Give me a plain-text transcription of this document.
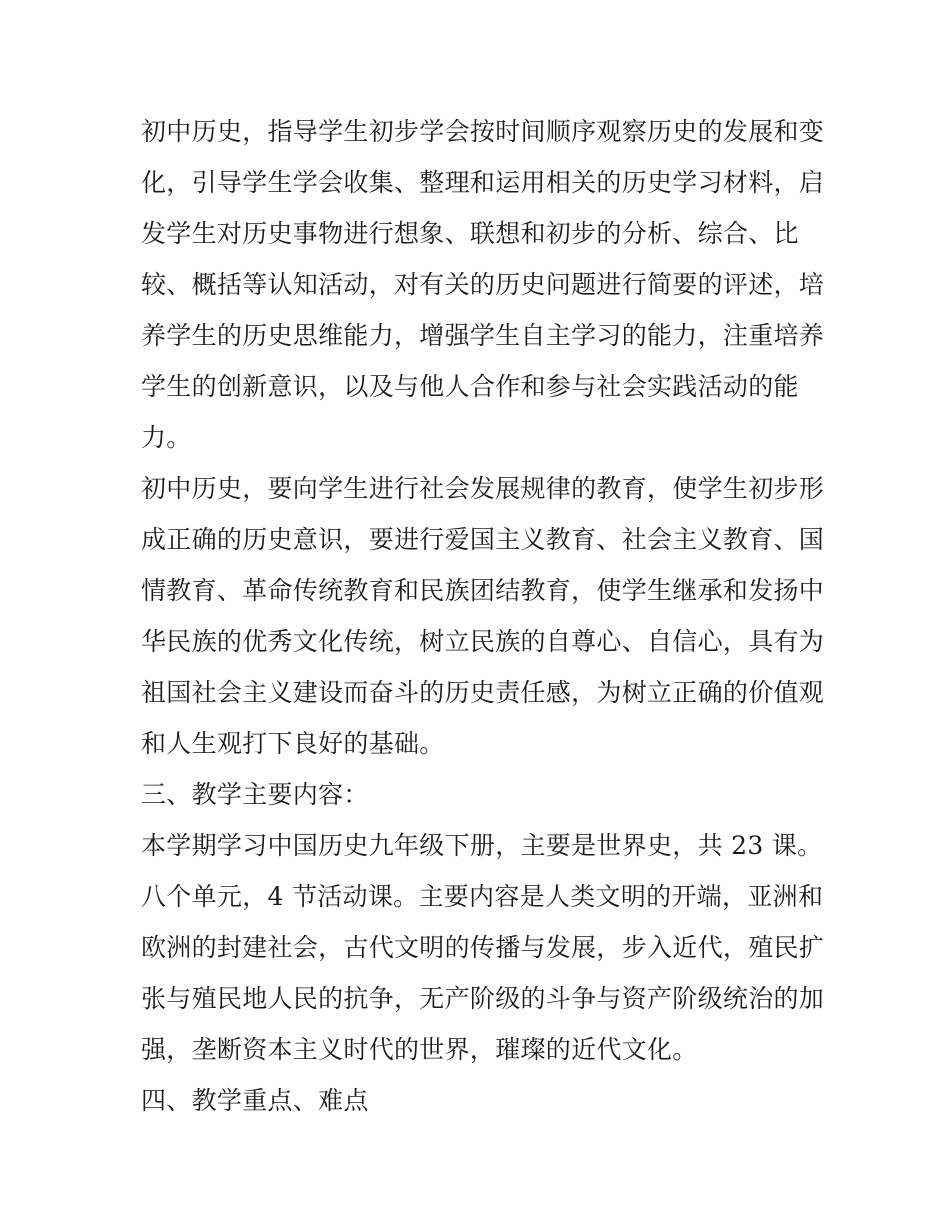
初中历史，指导学生初步学会按时间顺序观察历史的发展和变
化，引导学生学会收集、整理和运用相关的历史学习材料，启
发学生对历史事物进行想象、联想和初步的分析、综合、比
较、概括等认知活动，对有关的历史问题进行简要的评述，培
养学生的历史思维能力，增强学生自主学习的能力，注重培养
学生的创新意识，以及与他人合作和参与社会实践活动的能
力。
初中历史，要向学生进行社会发展规律的教育，使学生初步形
成正确的历史意识，要进行爱国主义教育、社会主义教育、国
情教育、革命传统教育和民族团结教育，使学生继承和发扬中
华民族的优秀文化传统，树立民族的自尊心、自信心，具有为
祖国社会主义建设而奋斗的历史责任感，为树立正确的价值观
和人生观打下良好的基础。
三、教学主要内容：
本学期学习中国历史九年级下册，主要是世界史，共 23 课。
八个单元，4 节活动课。主要内容是人类文明的开端，亚洲和
欧洲的封建社会，古代文明的传播与发展，步入近代，殖民扩
张与殖民地人民的抗争，无产阶级的斗争与资产阶级统治的加
强，垄断资本主义时代的世界，璀璨的近代文化。
四、教学重点、难点
